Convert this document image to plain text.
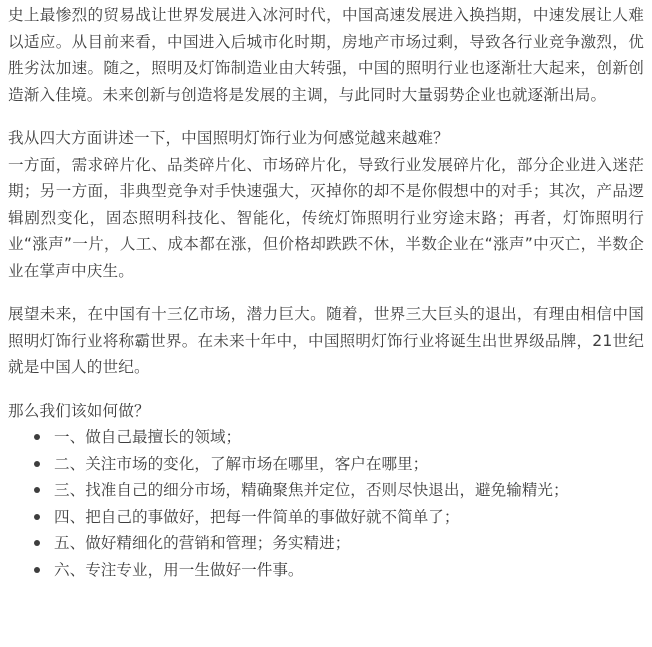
史上最惨烈的贸易战让世界发展进入冰河时代，中国高速发展进入换挡期，中速发展让人难以适应。从目前来看，中国进入后城市化时期，房地产市场过剩，导致各行业竞争激烈，优胜劣汰加速。随之，照明及灯饰制造业由大转强，中国的照明行业也逐渐壮大起来，创新创造渐入佳境。未来创新与创造将是发展的主调，与此同时大量弱势企业也就逐渐出局。

我从四大方面讲述一下，中国照明灯饰行业为何感觉越来越难？

一方面，需求碎片化、品类碎片化、市场碎片化，导致行业发展碎片化，部分企业进入迷茫期；另一方面，非典型竞争对手快速强大，灭掉你的却不是你假想中的对手；其次，产品逻辑剧烈变化，固态照明科技化、智能化，传统灯饰照明行业穷途末路；再者，灯饰照明行业“涨声”一片，人工、成本都在涨，但价格却跌跌不休，半数企业在“涨声”中灭亡，半数企业在掌声中庆生。

展望未来，在中国有十三亿市场，潜力巨大。随着，世界三大巨头的退出，有理由相信中国照明灯饰行业将称霸世界。在未来十年中，中国照明灯饰行业将诞生出世界级品牌，21世纪就是中国人的世纪。

那么我们该如何做？

一、做自己最擅长的领域；
二、关注市场的变化，了解市场在哪里，客户在哪里；
三、找准自己的细分市场，精确聚焦并定位，否则尽快退出，避免输精光；
四、把自己的事做好，把每一件简单的事做好就不简单了；
五、做好精细化的营销和管理；务实精进；
六、专注专业，用一生做好一件事。
